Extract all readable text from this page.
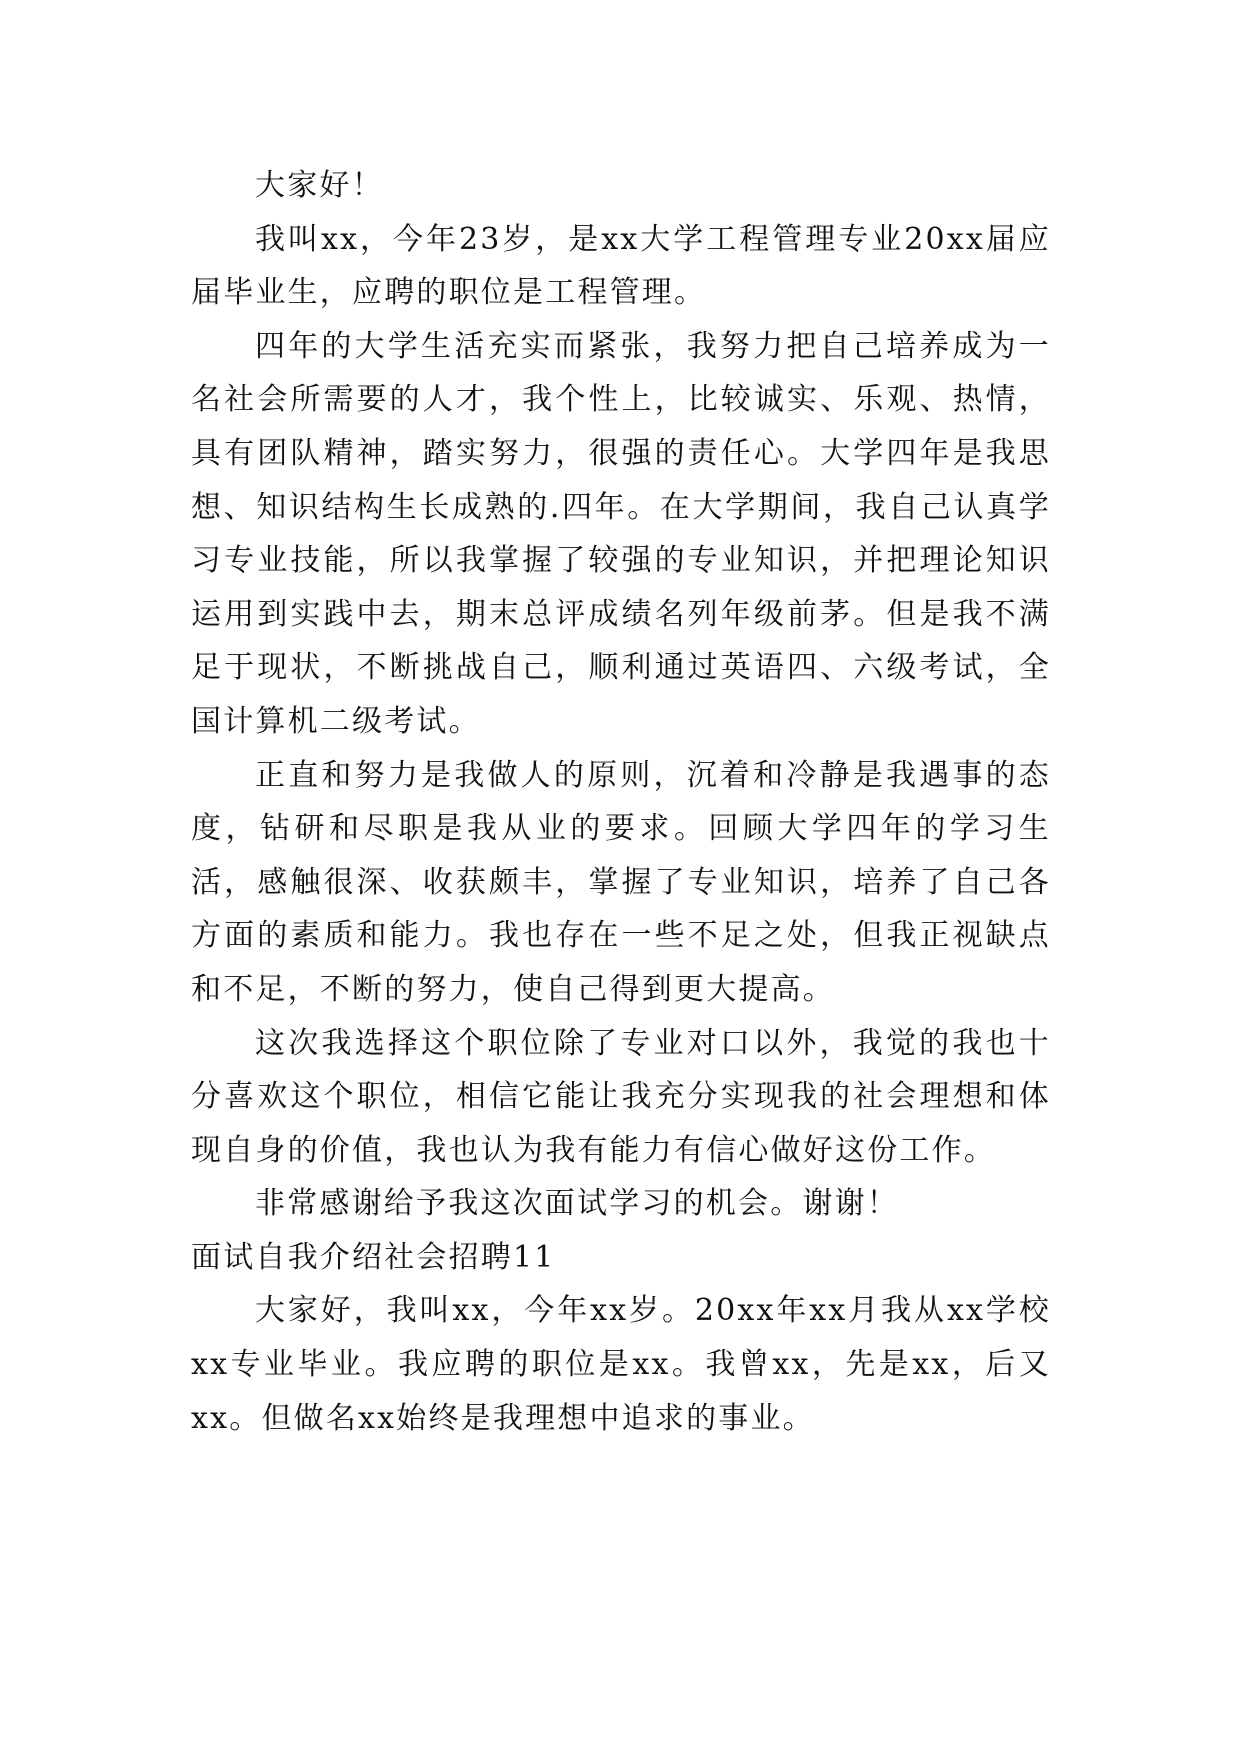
大家好！

我叫xx，今年23岁，是xx大学工程管理专业20xx届应届毕业生，应聘的职位是工程管理。

四年的大学生活充实而紧张，我努力把自己培养成为一名社会所需要的人才，我个性上，比较诚实、乐观、热情，具有团队精神，踏实努力，很强的责任心。大学四年是我思想、知识结构生长成熟的.四年。在大学期间，我自己认真学习专业技能，所以我掌握了较强的专业知识，并把理论知识运用到实践中去，期末总评成绩名列年级前茅。但是我不满足于现状，不断挑战自己，顺利通过英语四、六级考试，全国计算机二级考试。

正直和努力是我做人的原则，沉着和冷静是我遇事的态度，钻研和尽职是我从业的要求。回顾大学四年的学习生活，感触很深、收获颇丰，掌握了专业知识，培养了自己各方面的素质和能力。我也存在一些不足之处，但我正视缺点和不足，不断的努力，使自己得到更大提高。

这次我选择这个职位除了专业对口以外，我觉的我也十分喜欢这个职位，相信它能让我充分实现我的社会理想和体现自身的价值，我也认为我有能力有信心做好这份工作。

非常感谢给予我这次面试学习的机会。谢谢！

面试自我介绍社会招聘11

大家好，我叫xx，今年xx岁。20xx年xx月我从xx学校xx专业毕业。我应聘的职位是xx。我曾xx，先是xx，后又xx。但做名xx始终是我理想中追求的事业。
